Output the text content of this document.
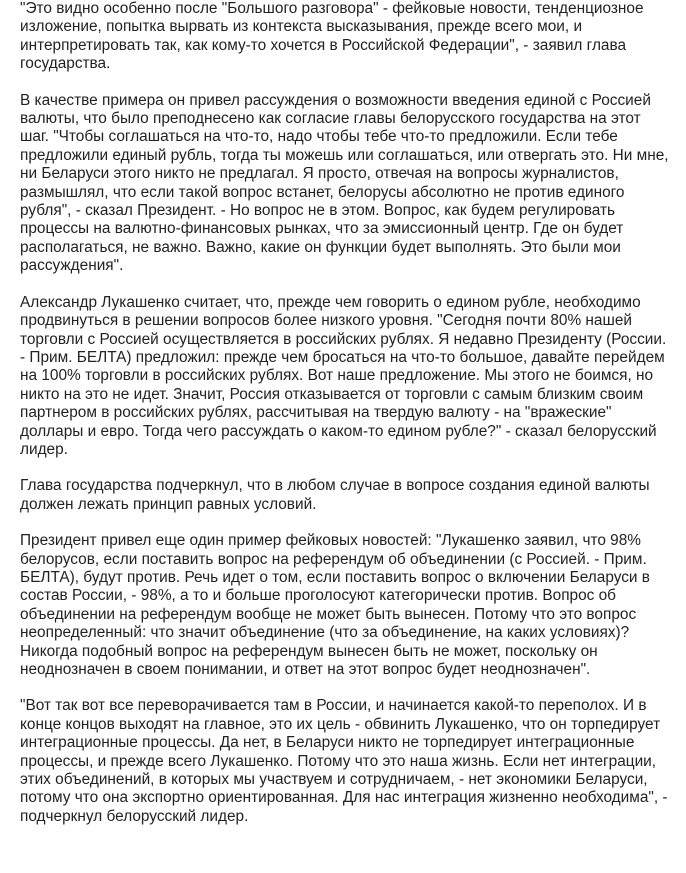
"Это видно особенно после "Большого разговора" - фейковые новости, тенденциозное изложение, попытка вырвать из контекста высказывания, прежде всего мои, и интерпретировать так, как кому-то хочется в Российской Федерации", - заявил глава государства.

В качестве примера он привел рассуждения о возможности введения единой с Россией валюты, что было преподнесено как согласие главы белорусского государства на этот шаг. "Чтобы соглашаться на что-то, надо чтобы тебе что-то предложили. Если тебе предложили единый рубль, тогда ты можешь или соглашаться, или отвергать это. Ни мне, ни Беларуси этого никто не предлагал. Я просто, отвечая на вопросы журналистов, размышлял, что если такой вопрос встанет, белорусы абсолютно не против единого рубля", - сказал Президент. - Но вопрос не в этом. Вопрос, как будем регулировать процессы на валютно-финансовых рынках, что за эмиссионный центр. Где он будет располагаться, не важно. Важно, какие он функции будет выполнять. Это были мои рассуждения".

Александр Лукашенко считает, что, прежде чем говорить о едином рубле, необходимо продвинуться в решении вопросов более низкого уровня. "Сегодня почти 80% нашей торговли с Россией осуществляется в российских рублях. Я недавно Президенту (России. - Прим. БЕЛТА) предложил: прежде чем бросаться на что-то большое, давайте перейдем на 100% торговли в российских рублях. Вот наше предложение. Мы этого не боимся, но никто на это не идет. Значит, Россия отказывается от торговли с самым близким своим партнером в российских рублях, рассчитывая на твердую валюту - на "вражеские" доллары и евро. Тогда чего рассуждать о каком-то едином рубле?" - сказал белорусский лидер.

Глава государства подчеркнул, что в любом случае в вопросе создания единой валюты должен лежать принцип равных условий.

Президент привел еще один пример фейковых новостей: "Лукашенко заявил, что 98% белорусов, если поставить вопрос на референдум об объединении (с Россией. - Прим. БЕЛТА), будут против. Речь идет о том, если поставить вопрос о включении Беларуси в состав России, - 98%, а то и больше проголосуют категорически против. Вопрос об объединении на референдум вообще не может быть вынесен. Потому что это вопрос неопределенный: что значит объединение (что за объединение, на каких условиях)? Никогда подобный вопрос на референдум вынесен быть не может, поскольку он неоднозначен в своем понимании, и ответ на этот вопрос будет неоднозначен".

"Вот так вот все переворачивается там в России, и начинается какой-то переполох. И в конце концов выходят на главное, это их цель - обвинить Лукашенко, что он торпедирует интеграционные процессы. Да нет, в Беларуси никто не торпедирует интеграционные процессы, и прежде всего Лукашенко. Потому что это наша жизнь. Если нет интеграции, этих объединений, в которых мы участвуем и сотрудничаем, - нет экономики Беларуси, потому что она экспортно ориентированная. Для нас интеграция жизненно необходима", - подчеркнул белорусский лидер.
